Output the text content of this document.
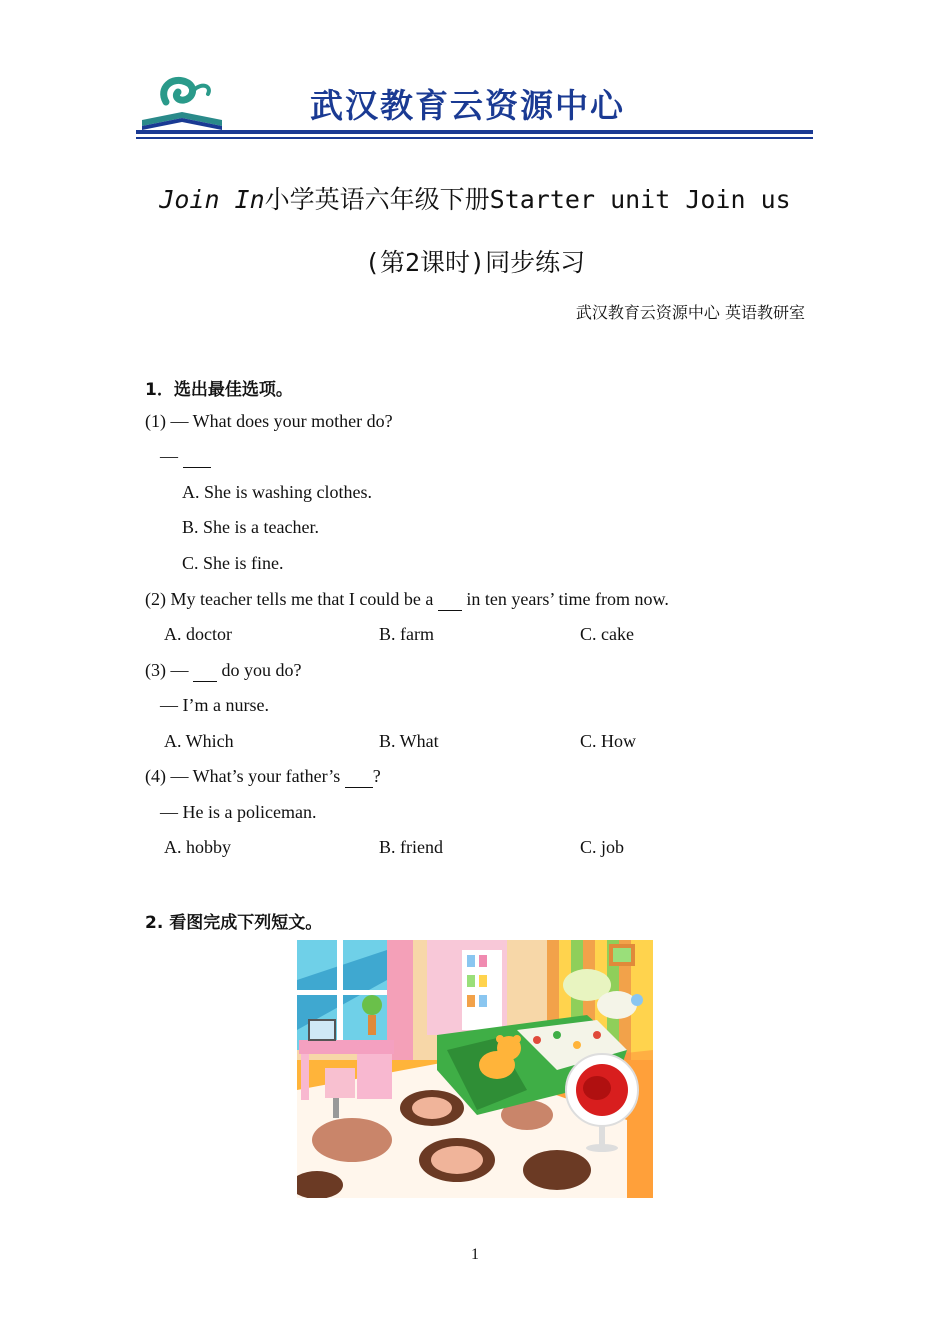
武汉教育云资源中心
Join In小学英语六年级下册Starter unit Join us
(第2课时)同步练习
武汉教育云资源中心 英语教研室
1．选出最佳选项。
(1) — What does your mother do?
—
A. She is washing clothes.
B. She is a teacher.
C. She is fine.
(2) My teacher tells me that I could be a in ten years’ time from now.
A. doctor	B. farm	C. cake
(3) — do you do?
— I’m a nurse.
A. Which	B. What	C. How
(4) — What’s your father’s ?
— He is a policeman.
A. hobby	B. friend	C. job
2. 看图完成下列短文。
1
